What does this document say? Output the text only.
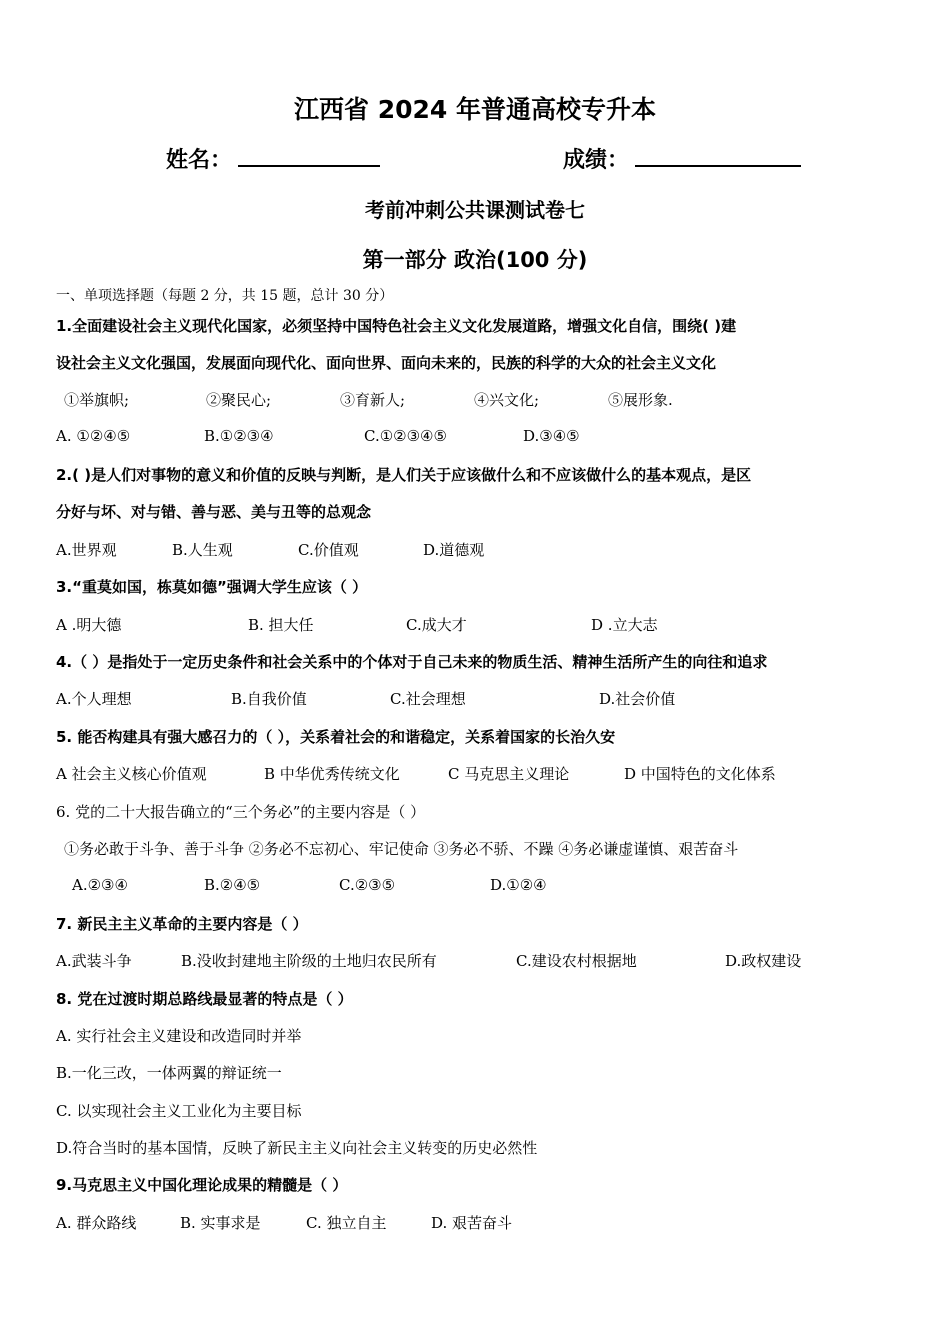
江西省 2024 年普通高校专升本
姓名：	成绩：
考前冲刺公共课测试卷七
第一部分 政治(100 分)
一、单项选择题（每题 2 分，共 15 题，总计 30 分）
1.全面建设社会主义现代化国家，必须坚持中国特色社会主义文化发展道路，增强文化自信，围绕( )建
设社会主义文化强国，发展面向现代化、面向世界、面向未来的，民族的科学的大众的社会主义文化
①举旗帜;	②聚民心;	③育新人;	④兴文化;	⑤展形象.
A. ①②④⑤	B.①②③④	C.①②③④⑤	D.③④⑤
2.( )是人们对事物的意义和价值的反映与判断，是人们关于应该做什么和不应该做什么的基本观点，是区
分好与坏、对与错、善与恶、美与丑等的总观念
A.世界观	B.人生观	C.价值观	D.道德观
3.“重莫如国，栋莫如德”强调大学生应该（ ）
A .明大德	B. 担大任	C.成大才	D .立大志
4.（ ）是指处于一定历史条件和社会关系中的个体对于自己未来的物质生活、精神生活所产生的向往和追求
A.个人理想	B.自我价值	C.社会理想	D.社会价值
5. 能否构建具有强大感召力的（ ），关系着社会的和谐稳定，关系着国家的长治久安
A 社会主义核心价值观	B 中华优秀传统文化	C 马克思主义理论	D 中国特色的文化体系
6. 党的二十大报告确立的“三个务必”的主要内容是（ ）
①务必敢于斗争、善于斗争 ②务必不忘初心、牢记使命 ③务必不骄、不躁 ④务必谦虚谨慎、艰苦奋斗
A.②③④	B.②④⑤	C.②③⑤	D.①②④
7. 新民主主义革命的主要内容是（ ）
A.武装斗争	B.没收封建地主阶级的土地归农民所有	C.建设农村根据地	D.政权建设
8. 党在过渡时期总路线最显著的特点是（ ）
A. 实行社会主义建设和改造同时并举
B.一化三改，一体两翼的辩证统一
C. 以实现社会主义工业化为主要目标
D.符合当时的基本国情，反映了新民主主义向社会主义转变的历史必然性
9.马克思主义中国化理论成果的精髓是（ ）
A. 群众路线	B. 实事求是	C. 独立自主	D. 艰苦奋斗
